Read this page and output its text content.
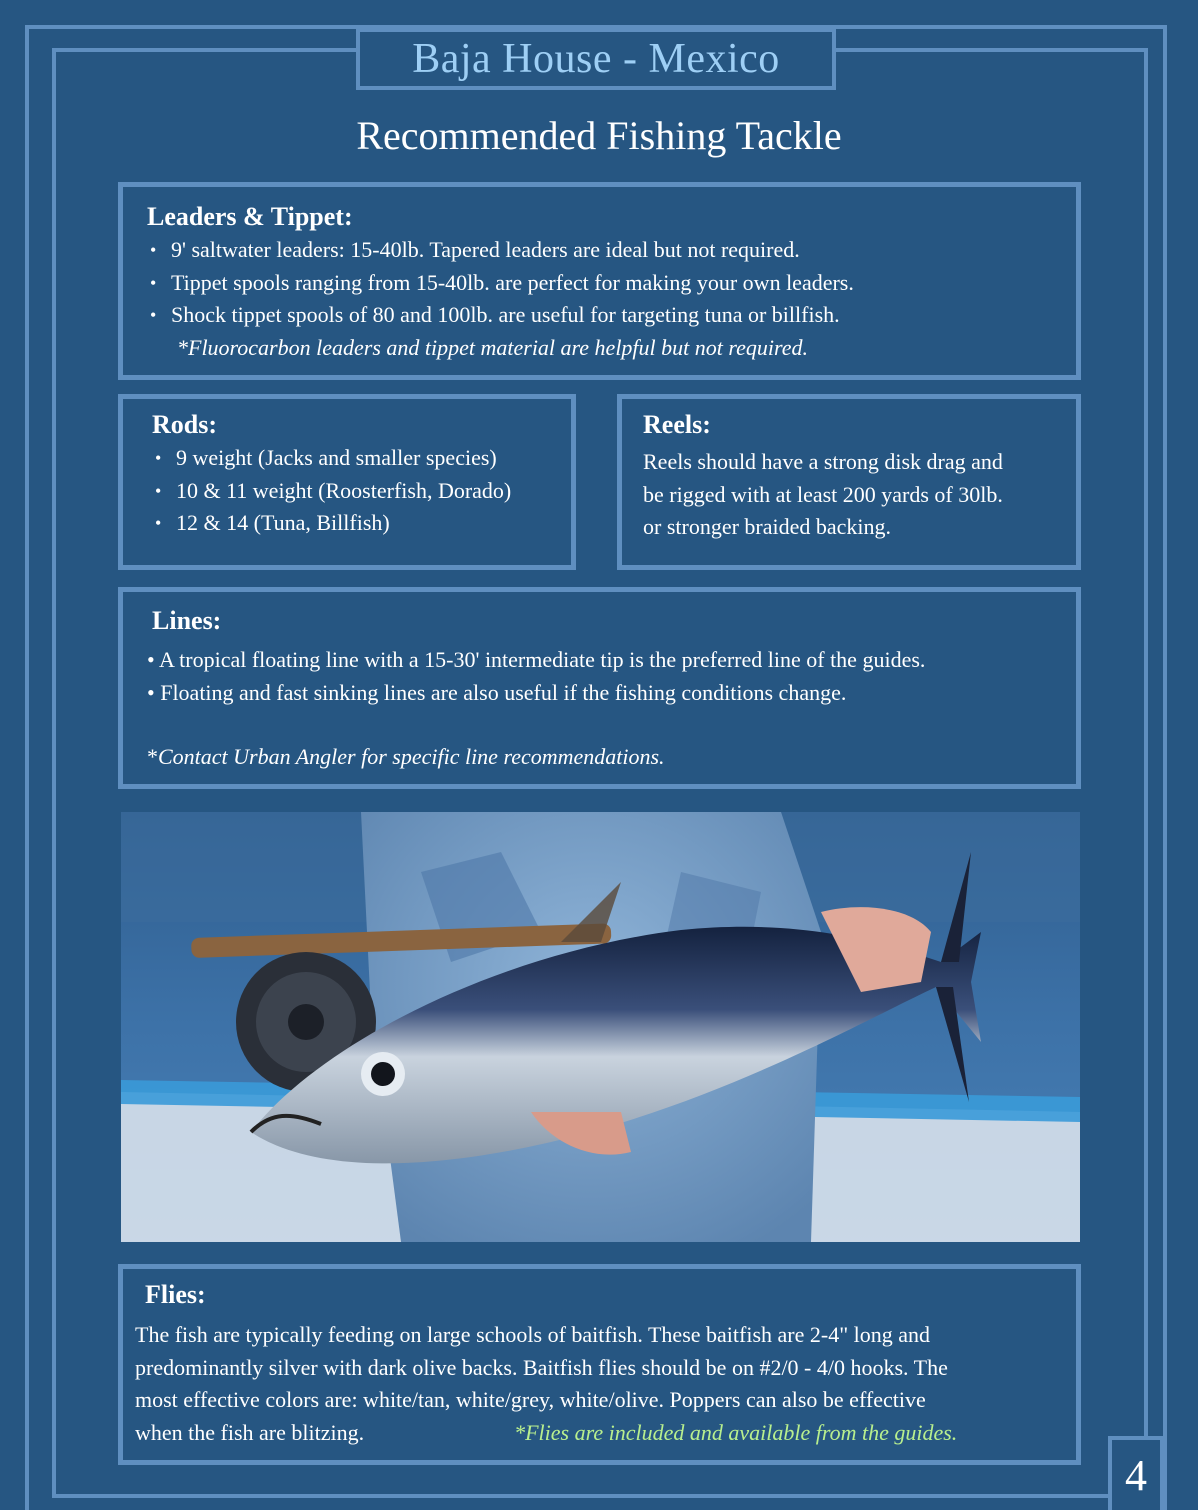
Baja House - Mexico
Recommended Fishing Tackle
Leaders & Tippet:
• 9' saltwater leaders: 15-40lb. Tapered leaders are ideal but not required.
• Tippet spools ranging from 15-40lb. are perfect for making your own leaders.
• Shock tippet spools of 80 and 100lb. are useful for targeting tuna or billfish.
*Fluorocarbon leaders and tippet material are helpful but not required.
Rods:
• 9 weight (Jacks and smaller species)
• 10 & 11 weight (Roosterfish, Dorado)
• 12 & 14 (Tuna, Billfish)
Reels:
Reels should have a strong disk drag and
be rigged with at least 200 yards of 30lb.
or stronger braided backing.
Lines:
• A tropical floating line with a 15-30' intermediate tip is the preferred line of the guides.
• Floating and fast sinking lines are also useful if the fishing conditions change.
*Contact Urban Angler for specific line recommendations.
Flies:
The fish are typically feeding on large schools of baitfish. These baitfish are 2-4" long and
predominantly silver with dark olive backs. Baitfish flies should be on #2/0 - 4/0 hooks. The
most effective colors are: white/tan, white/grey, white/olive. Poppers can also be effective
when the fish are blitzing.	*Flies are included and available from the guides.
4
